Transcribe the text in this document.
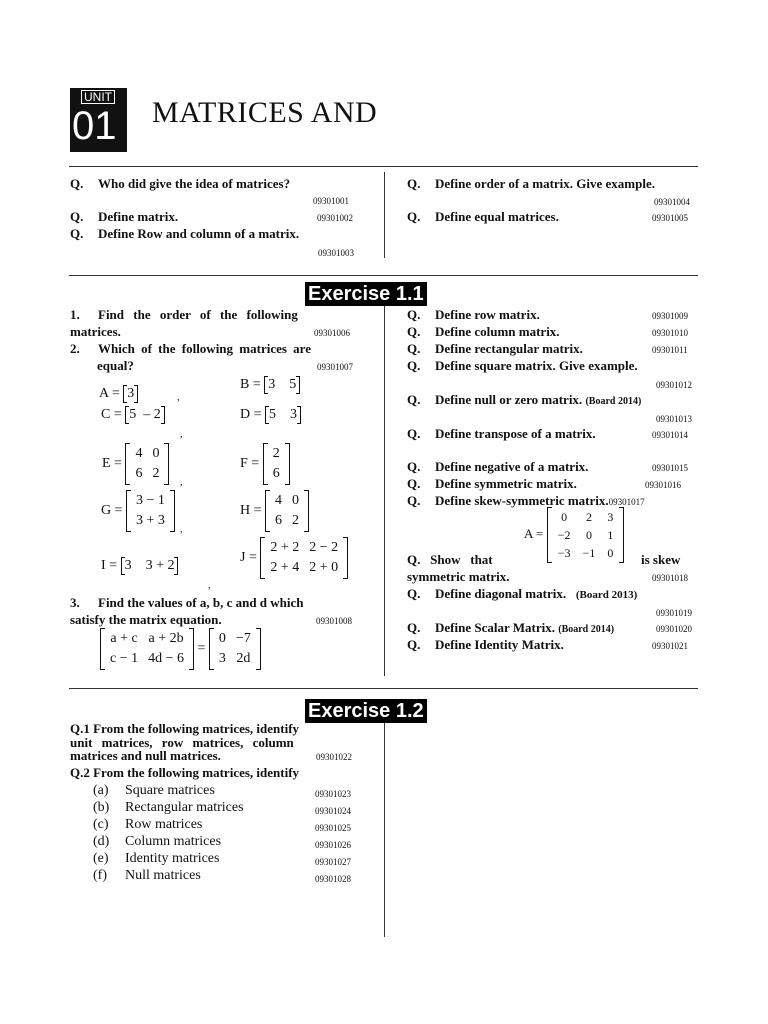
UNIT
01 MATRICES AND
Q. Who did give the idea of matrices?
09301001
Q. Define matrix.	09301002
Q. Define Row and column of a matrix.
09301003
Q. Define order of a matrix. Give example.
09301004
Q. Define equal matrices.	09301005
Exercise 1.1
1. Find the order of the following
matrices.	09301006
2. Which of the following matrices are
equal?	09301007
A = 3	,
B = 3 5
C = 5 – 2	D = 5 3
,
E = 4	0
6	2
,
F = 2
6
G = 3 − 1
3 + 3
,
H = 4	0
6	2
I = 3 3 + 2
J = 2 + 2	2 − 2
2 + 4	2 + 0
,
3. Find the values of a, b, c and d which
satisfy the matrix equation.	09301008
a + c	a + 2b
c − 1	4d − 6 = 0	−7
3	2d
Q. Define row matrix.	09301009
Q. Define column matrix.	09301010
Q. Define rectangular matrix.	09301011
Q. Define square matrix. Give example.
09301012
Q. Define null or zero matrix. (Board 2014)
09301013
Q. Define transpose of a matrix.	09301014
Q. Define negative of a matrix.	09301015
Q. Define symmetric matrix.	09301016
Q. Define skew-symmetric matrix.09301017
A = 0	2	3
−2	0	1
−3	−1	0
Q. Show that	is skew
symmetric matrix.	09301018
Q. Define diagonal matrix. (Board 2013)
09301019
Q. Define Scalar Matrix. (Board 2014)	09301020
Q. Define Identity Matrix.	09301021
Exercise 1.2
Q.1 From the following matrices, identify
unit matrices, row matrices, column
matrices and null matrices.	09301022
Q.2 From the following matrices, identify
(a) Square matrices	09301023
(b) Rectangular matrices	09301024
(c) Row matrices	09301025
(d) Column matrices	09301026
(e) Identity matrices	09301027
(f) Null matrices	09301028
